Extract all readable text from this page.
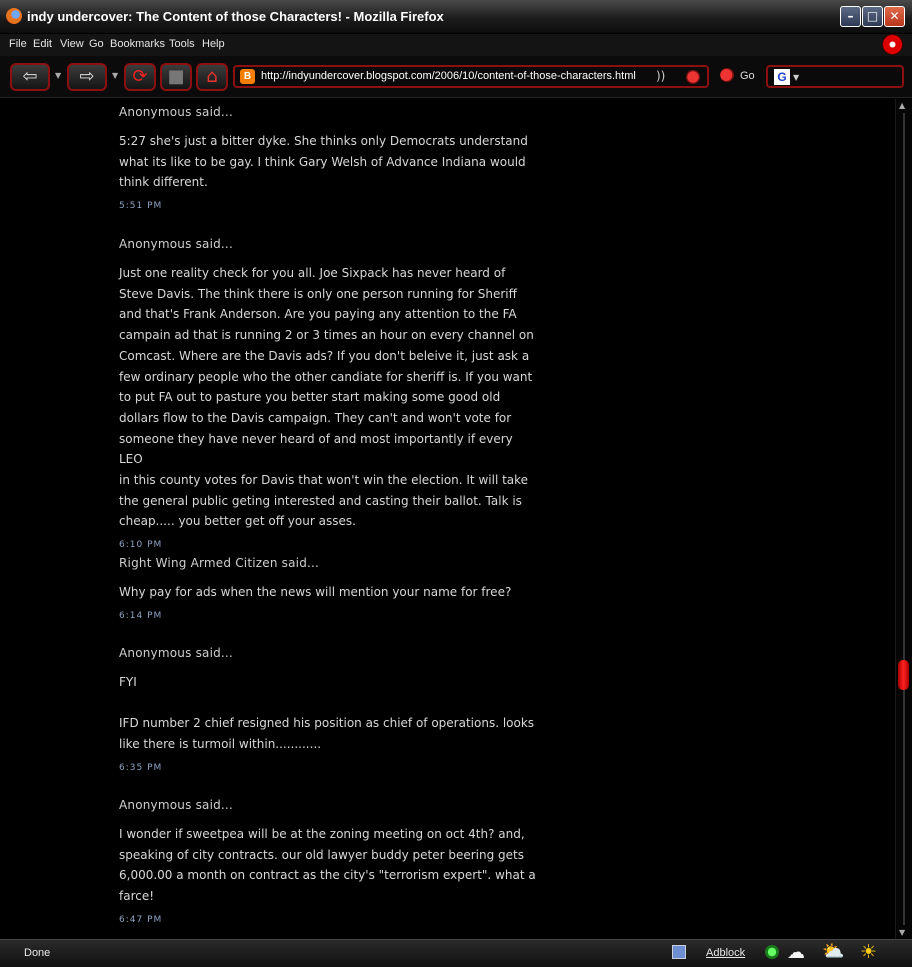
indy undercover: The Content of those Characters! - Mozilla Firefox	–	□ ✕
File Edit View Go Bookmarks Tools Help
⇦	▼	⇨	▼ ⟳	■	⌂	B http://indyundercover.blogspot.com/2006/10/content-of-those-characters.html ))	Go G ▼
Anonymous said...
5:27 she's just a bitter dyke. She thinks only Democrats understand
what its like to be gay. I think Gary Welsh of Advance Indiana would
think different.
5:51 PM
Anonymous said...
Just one reality check for you all. Joe Sixpack has never heard of
Steve Davis. The think there is only one person running for Sheriff
and that's Frank Anderson. Are you paying any attention to the FA
campain ad that is running 2 or 3 times an hour on every channel on
Comcast. Where are the Davis ads? If you don't beleive it, just ask a
few ordinary people who the other candiate for sheriff is. If you want
to put FA out to pasture you better start making some good old
dollars flow to the Davis campaign. They can't and won't vote for
someone they have never heard of and most importantly if every LEO
in this county votes for Davis that won't win the election. It will take
the general public geting interested and casting their ballot. Talk is
cheap..... you better get off your asses.
6:10 PM
Right Wing Armed Citizen said...
Why pay for ads when the news will mention your name for free?
6:14 PM
Anonymous said...
FYI

IFD number 2 chief resigned his position as chief of operations. looks
like there is turmoil within............
6:35 PM
Anonymous said...
I wonder if sweetpea will be at the zoning meeting on oct 4th? and,
speaking of city contracts. our old lawyer buddy peter beering gets
6,000.00 a month on contract as the city's "terrorism expert". what a
farce!
6:47 PM
▲
▼
Done	Adblock ☁ ⛅ ☀
